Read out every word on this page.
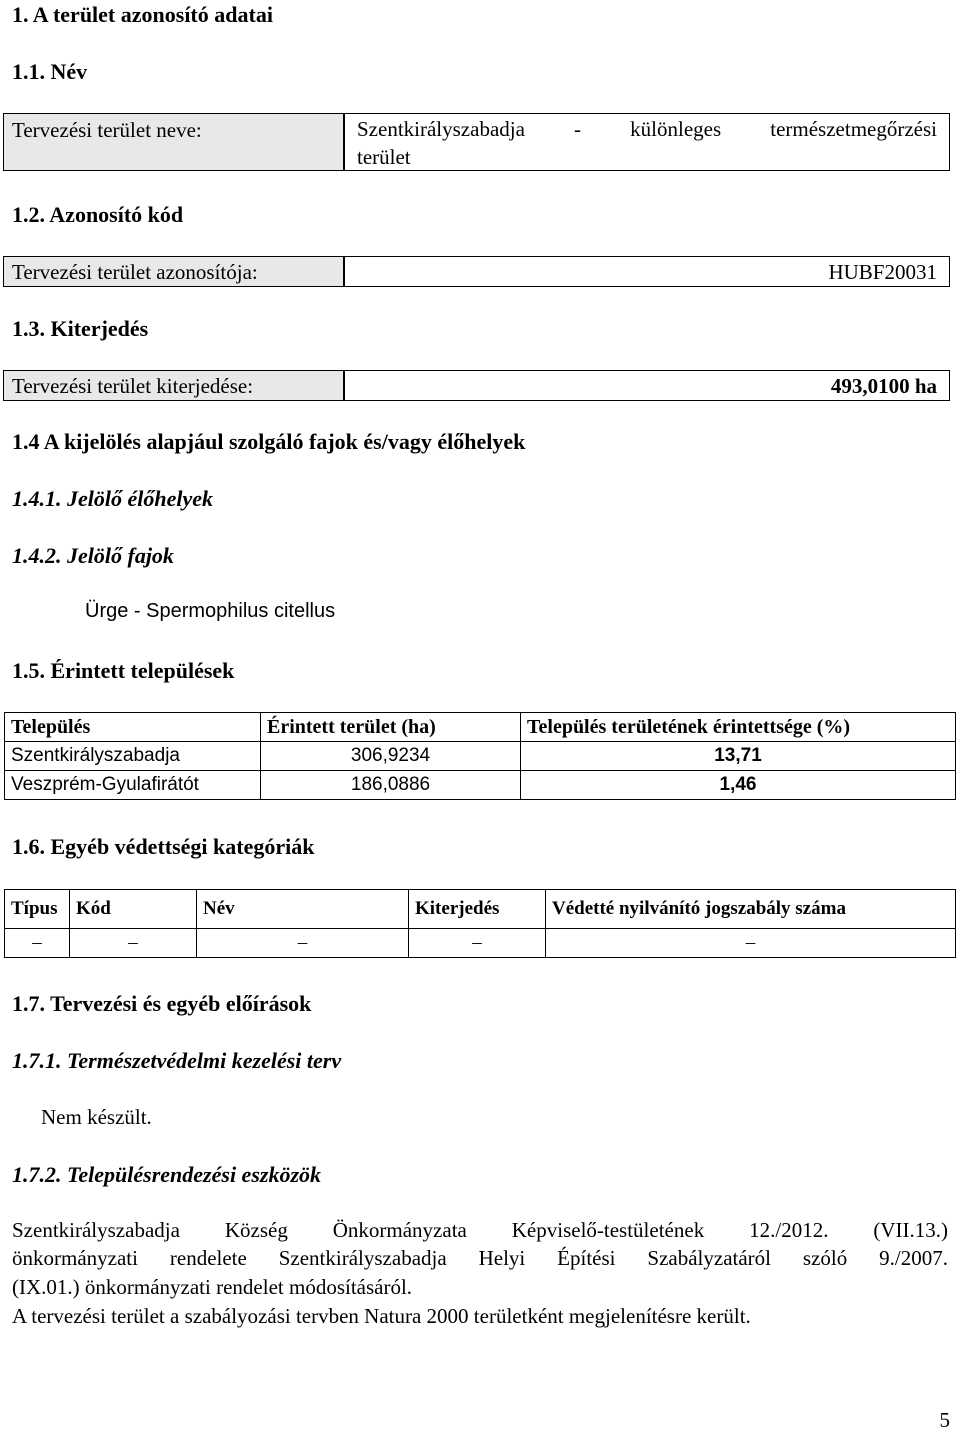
1. A terület azonosító adatai
1.1. Név
Tervezési terület neve:	Szentkirályszabadja - különleges természetmegőrzési
terület
1.2. Azonosító kód
Tervezési terület azonosítója:	HUBF20031
1.3. Kiterjedés
Tervezési terület kiterjedése:	493,0100 ha
1.4 A kijelölés alapjául szolgáló fajok és/vagy élőhelyek
1.4.1. Jelölő élőhelyek
1.4.2. Jelölő fajok
Ürge - Spermophilus citellus
1.5. Érintett települések
Település	Érintett terület (ha)	Település területének érintettsége (%)
Szentkirályszabadja	306,9234	13,71
Veszprém-Gyulafirátót	186,0886	1,46
1.6. Egyéb védettségi kategóriák
Típus	Kód	Név	Kiterjedés	Védetté nyilvánító jogszabály száma
–	–	–	–	–
1.7. Tervezési és egyéb előírások
1.7.1. Természetvédelmi kezelési terv
Nem készült.
1.7.2. Településrendezési eszközök
Szentkirályszabadja Község Önkormányzata Képviselő-testületének 12./2012. (VII.13.)
önkormányzati rendelete Szentkirályszabadja Helyi Építési Szabályzatáról szóló 9./2007.
(IX.01.) önkormányzati rendelet módosításáról.
A tervezési terület a szabályozási tervben Natura 2000 területként megjelenítésre került.
5
